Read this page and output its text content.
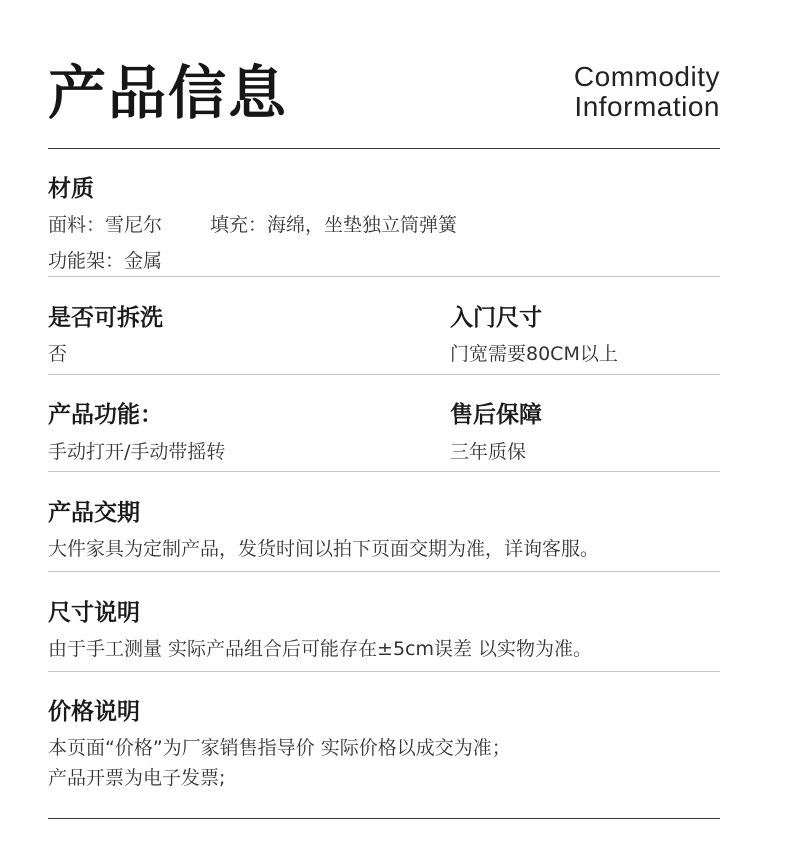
产品信息	Commodity
Information
材质
面料：雪尼尔	填充：海绵，坐垫独立筒弹簧
功能架：金属
是否可拆洗
否
入门尺寸
门宽需要80CM以上
产品功能：
手动打开/手动带摇转
售后保障
三年质保
产品交期
大件家具为定制产品，发货时间以拍下页面交期为准，详询客服。
尺寸说明
由于手工测量 实际产品组合后可能存在±5cm误差 以实物为准。
价格说明
本页面“价格”为厂家销售指导价 实际价格以成交为准；
产品开票为电子发票;
